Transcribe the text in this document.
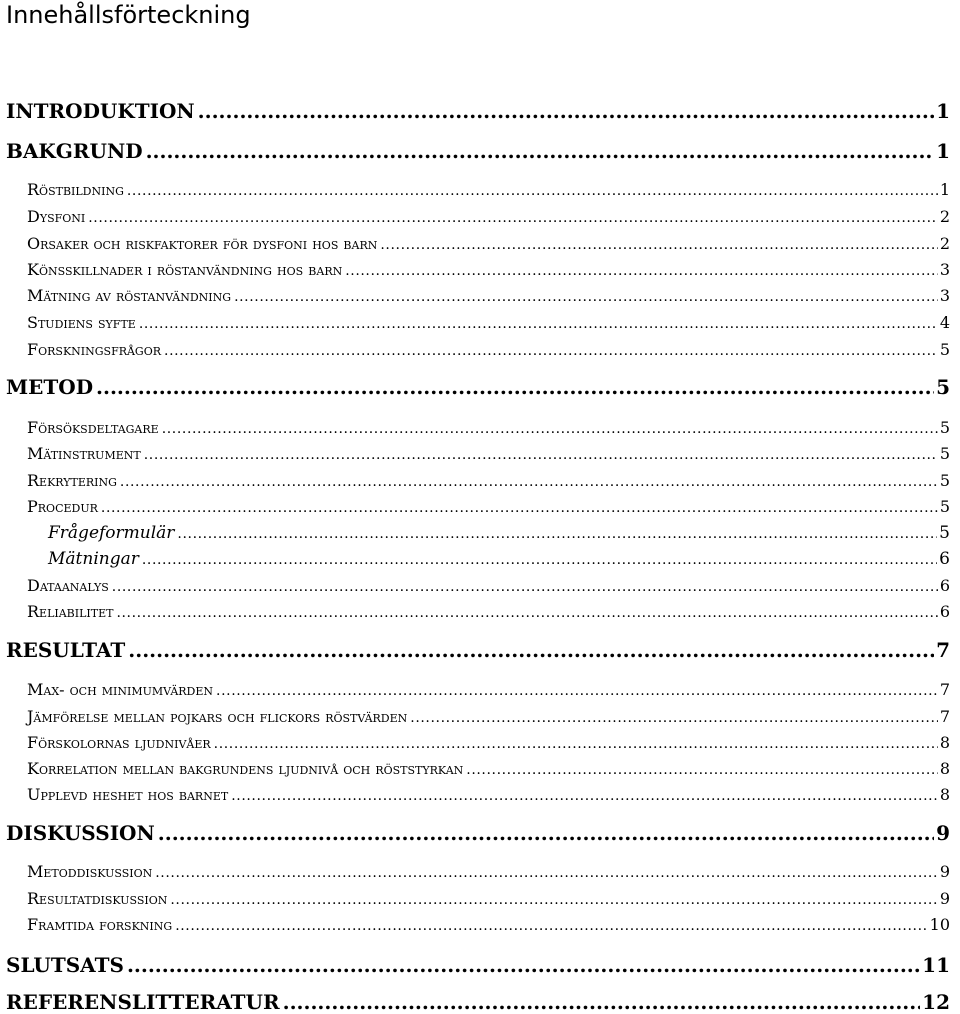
Innehållsförteckning
INTRODUKTION .....	1
BAKGRUND .....	1
Röstbildning .....	1
Dysfoni .....	2
Orsaker och riskfaktorer för dysfoni hos barn .....	2
Könsskillnader i röstanvändning hos barn .....	3
Mätning av röstanvändning .....	3
Studiens syfte .....	4
Forskningsfrågor .....	5
METOD .....	5
Försöksdeltagare .....	5
Mätinstrument .....	5
Rekrytering .....	5
Procedur .....	5
Frågeformulär .....	5
Mätningar .....	6
Dataanalys .....	6
Reliabilitet .....	6
RESULTAT .....	7
Max- och minimumvärden .....	7
Jämförelse mellan pojkars och flickors röstvärden .....	7
Förskolornas ljudnivåer .....	8
Korrelation mellan bakgrundens ljudnivå och röststyrkan .....	8
Upplevd heshet hos barnet .....	8
DISKUSSION .....	9
Metoddiskussion .....	9
Resultatdiskussion .....	9
Framtida forskning .....	10
SLUTSATS .....	11
REFERENSLITTERATUR .....	12
